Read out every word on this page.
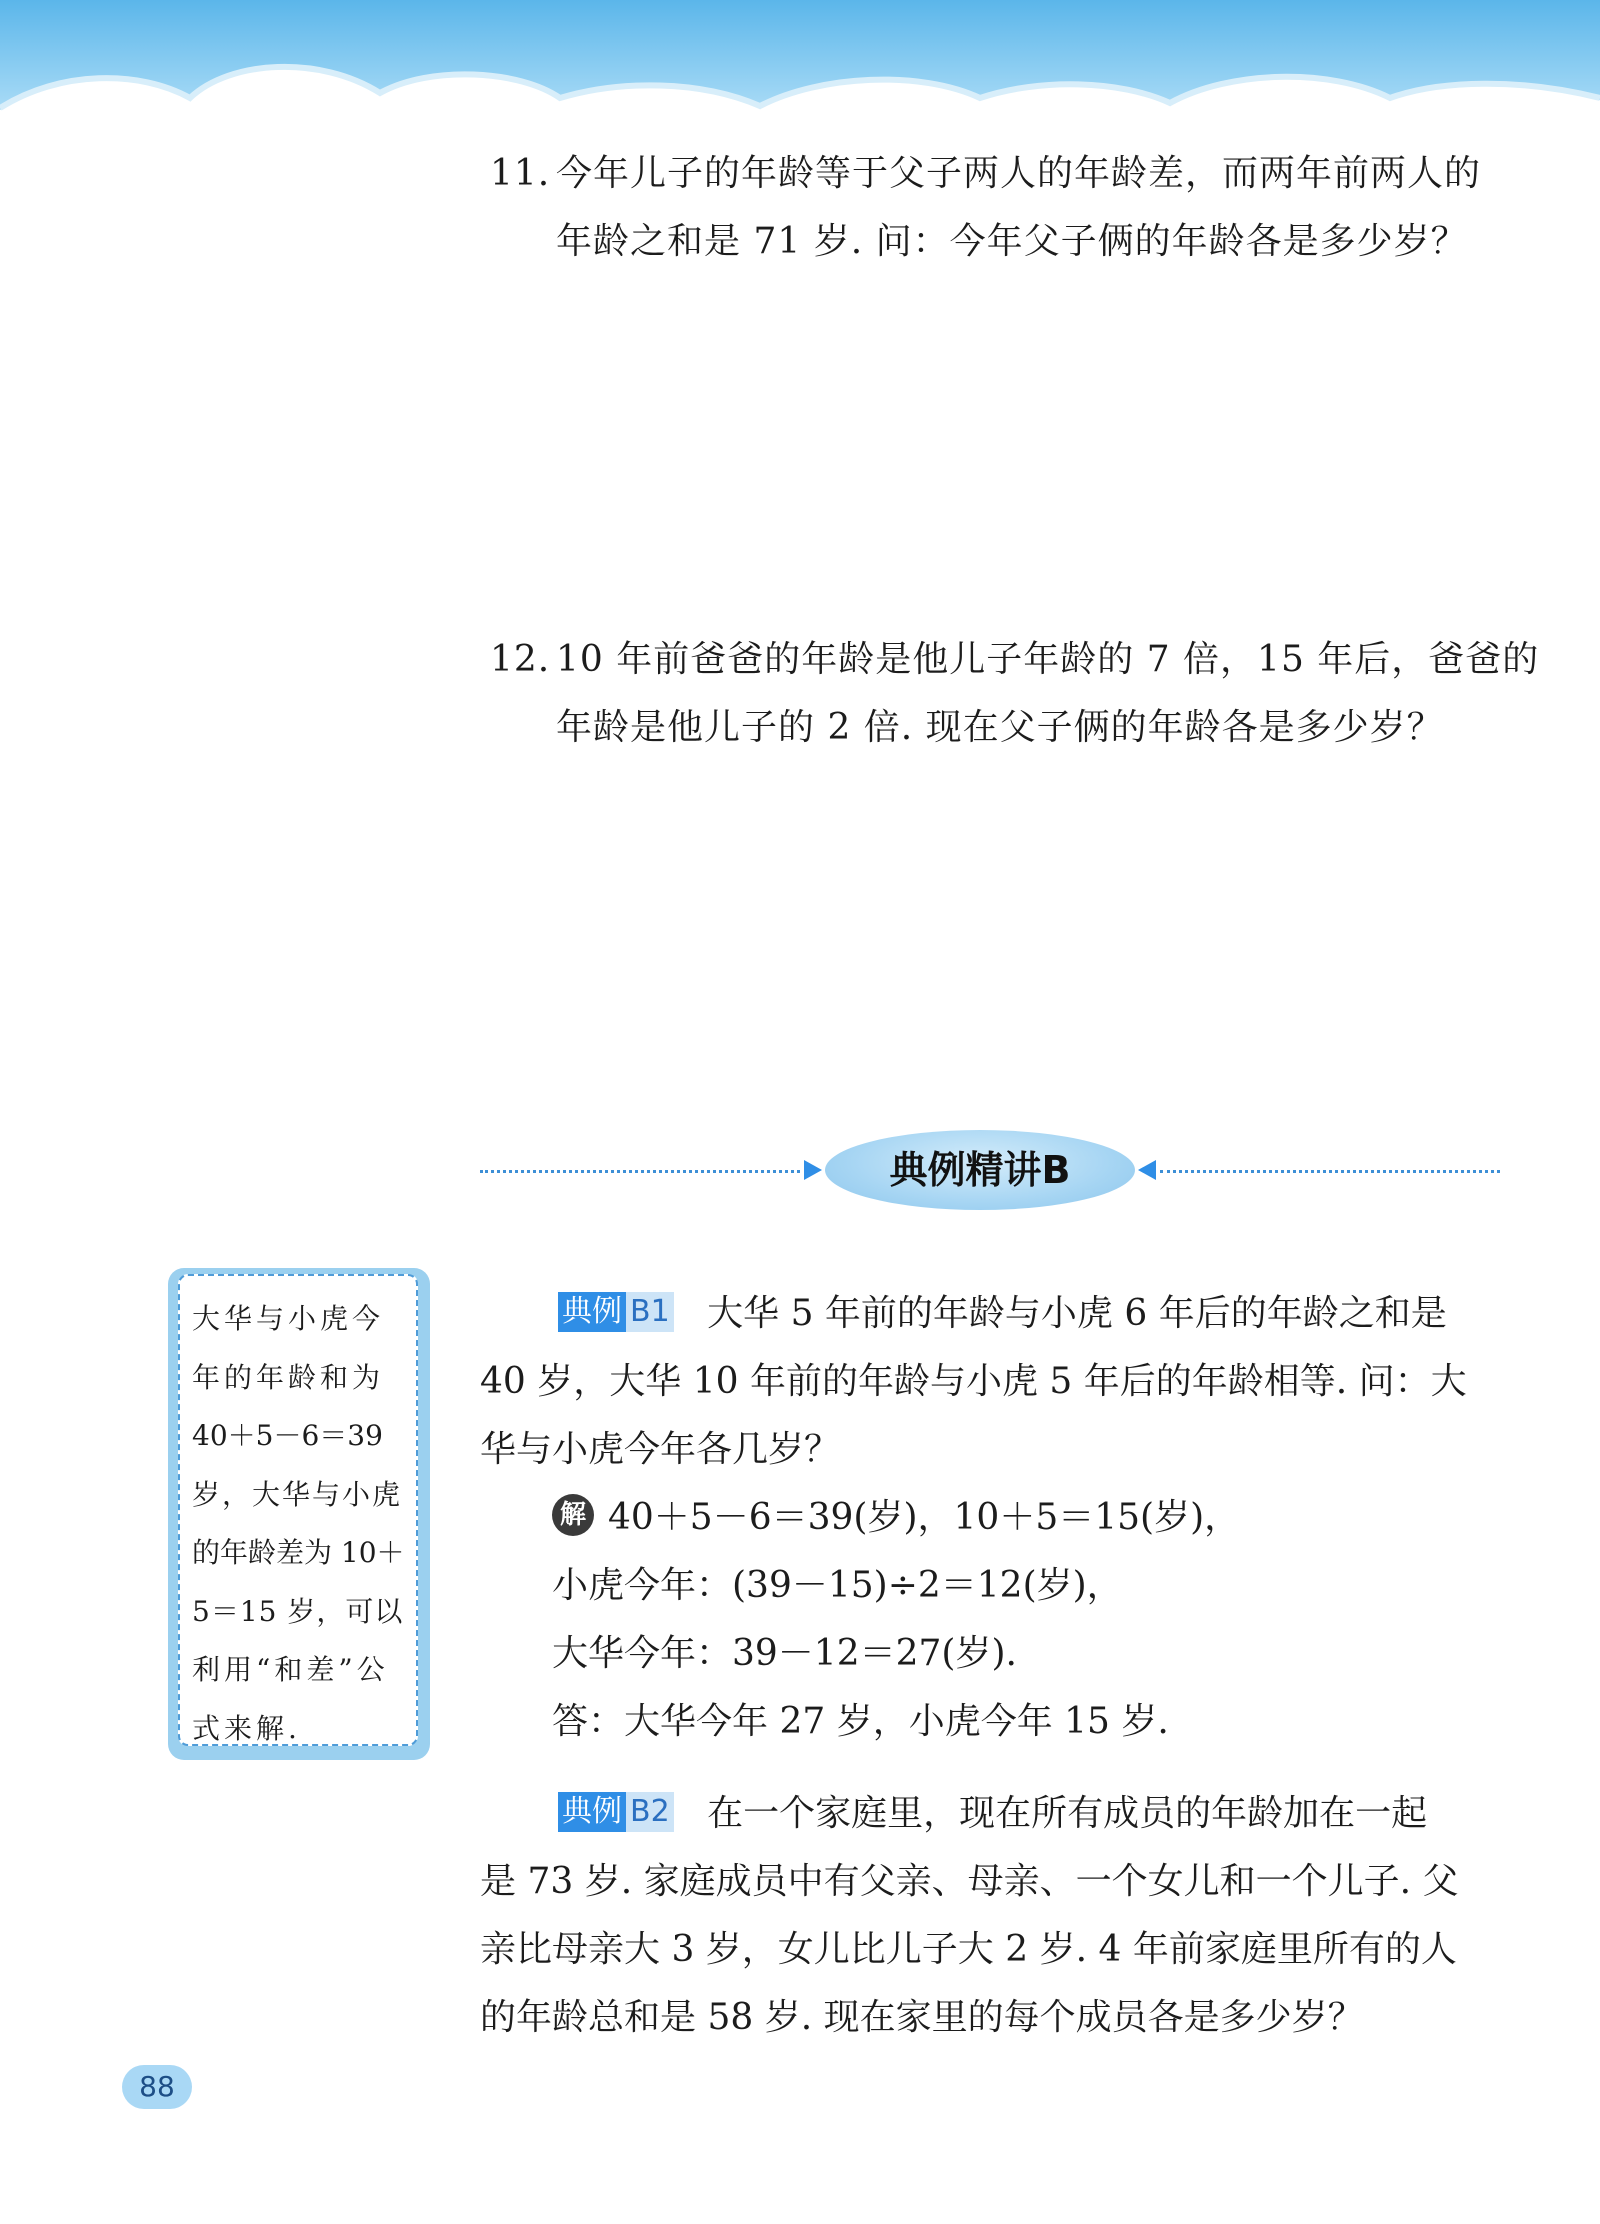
11. 今年儿子的年龄等于父子两人的年龄差，而两年前两人的
年龄之和是 71 岁. 问：今年父子俩的年龄各是多少岁？
12. 10 年前爸爸的年龄是他儿子年龄的 7 倍，15 年后，爸爸的
年龄是他儿子的 2 倍. 现在父子俩的年龄各是多少岁？
典例精讲B
大华与小虎今
年的年龄和为
40＋5－6＝39
岁，大华与小虎
的年龄差为 10＋
5＝15 岁，可以
利用“和差”公
式来解.
典例 B1 大华 5 年前的年龄与小虎 6 年后的年龄之和是
40 岁，大华 10 年前的年龄与小虎 5 年后的年龄相等. 问：大
华与小虎今年各几岁？
解 40＋5－6＝39(岁)，10＋5＝15(岁)，
小虎今年：(39－15)÷2＝12(岁)，
大华今年：39－12＝27(岁).
答：大华今年 27 岁，小虎今年 15 岁.
典例 B2 在一个家庭里，现在所有成员的年龄加在一起
是 73 岁. 家庭成员中有父亲、母亲、一个女儿和一个儿子. 父
亲比母亲大 3 岁，女儿比儿子大 2 岁. 4 年前家庭里所有的人
的年龄总和是 58 岁. 现在家里的每个成员各是多少岁？
88
